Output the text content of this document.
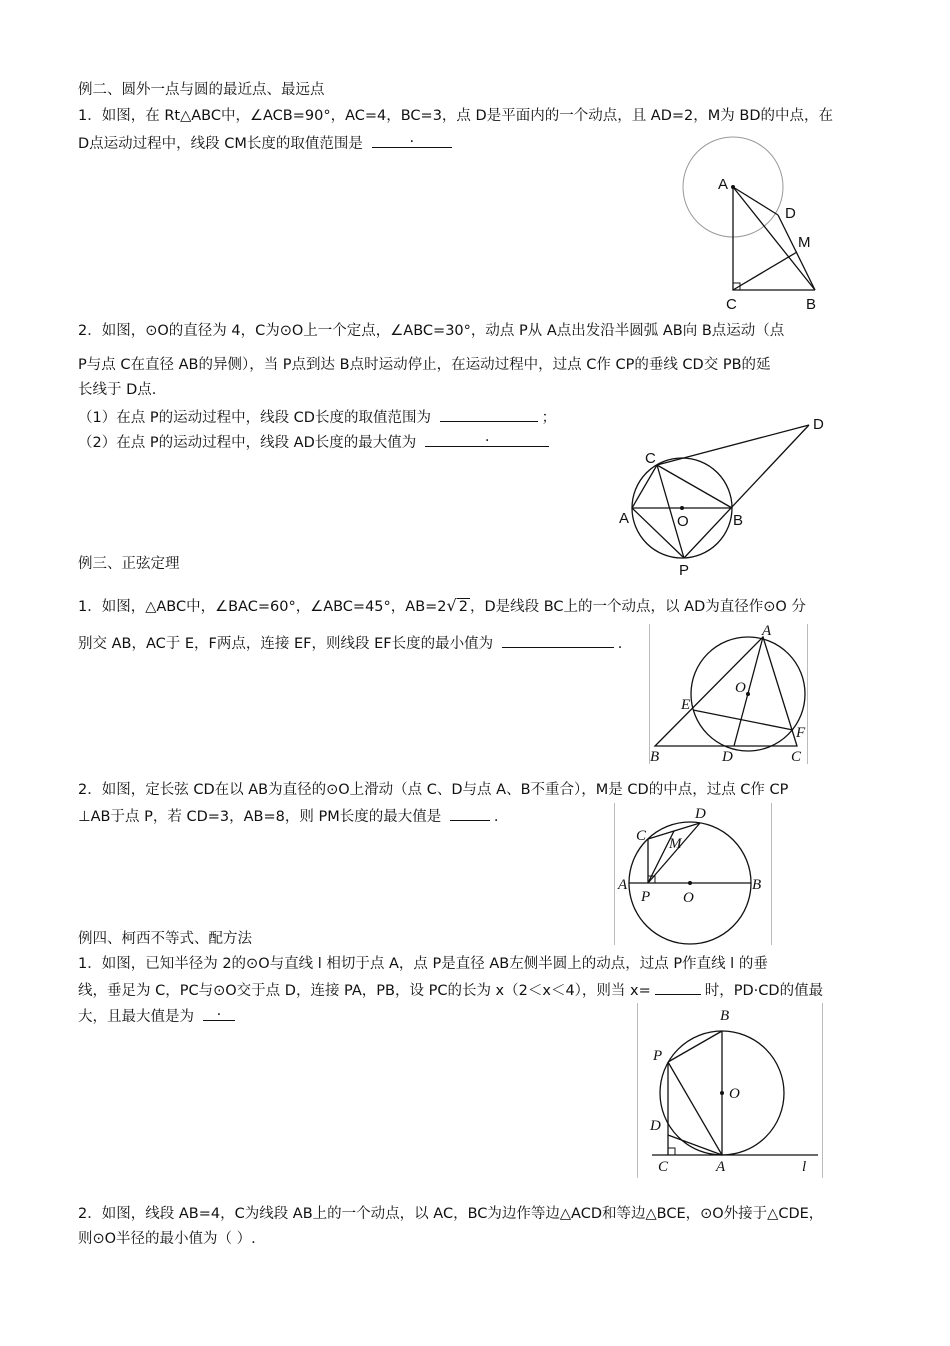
例二、圆外一点与圆的最近点、最远点
1．如图，在 Rt△ABC中，∠ACB=90°，AC=4，BC=3，点 D是平面内的一个动点，且 AD=2，M为 BD的中点，在
D点运动过程中，线段 CM长度的取值范围是	.
A
D
M
C	B
2．如图，⊙O的直径为 4，C为⊙O上一个定点，∠ABC=30°，动点 P从 A点出发沿半圆弧 AB向 B点运动（点
P与点 C在直径 AB的异侧），当 P点到达 B点时运动停止，在运动过程中，过点 C作 CP的垂线 CD交 PB的延
长线于 D点.
（1）在点 P的运动过程中，线段 CD长度的取值范围为	；
（2）在点 P的运动过程中，线段 AD长度的最大值为	.
C
A	O	B
P
D
例三、正弦定理
1．如图，△ABC中，∠BAC=60°，∠ABC=45°，AB=2√ 2 ，D是线段 BC上的一个动点，以 AD为直径作⊙O 分
别交 AB，AC于 E，F两点，连接 EF，则线段 EF长度的最小值为	.
A
O
E
F
B	D	C
2．如图，定长弦 CD在以 AB为直径的⊙O上滑动（点 C、D与点 A、B不重合），M是 CD的中点，过点 C作 CP
⊥AB于点 P，若 CD=3，AB=8，则 PM长度的最大值是	.	D
C M
A	B
P O
例四、柯西不等式、配方法
1．如图，已知半径为 2的⊙O与直线 l 相切于点 A，点 P是直径 AB左侧半圆上的动点，过点 P作直线 l 的垂
线，垂足为 C，PC与⊙O交于点 D，连接 PA，PB，设 PC的长为 x（2＜x＜4），则当 x=	时，PD·CD的值最
大，且最大值是为 .	B
P
O
D
C	A	l
2．如图，线段 AB=4，C为线段 AB上的一个动点，以 AC，BC为边作等边△ACD和等边△BCE，⊙O外接于△CDE，
则⊙O半径的最小值为（ ）.
